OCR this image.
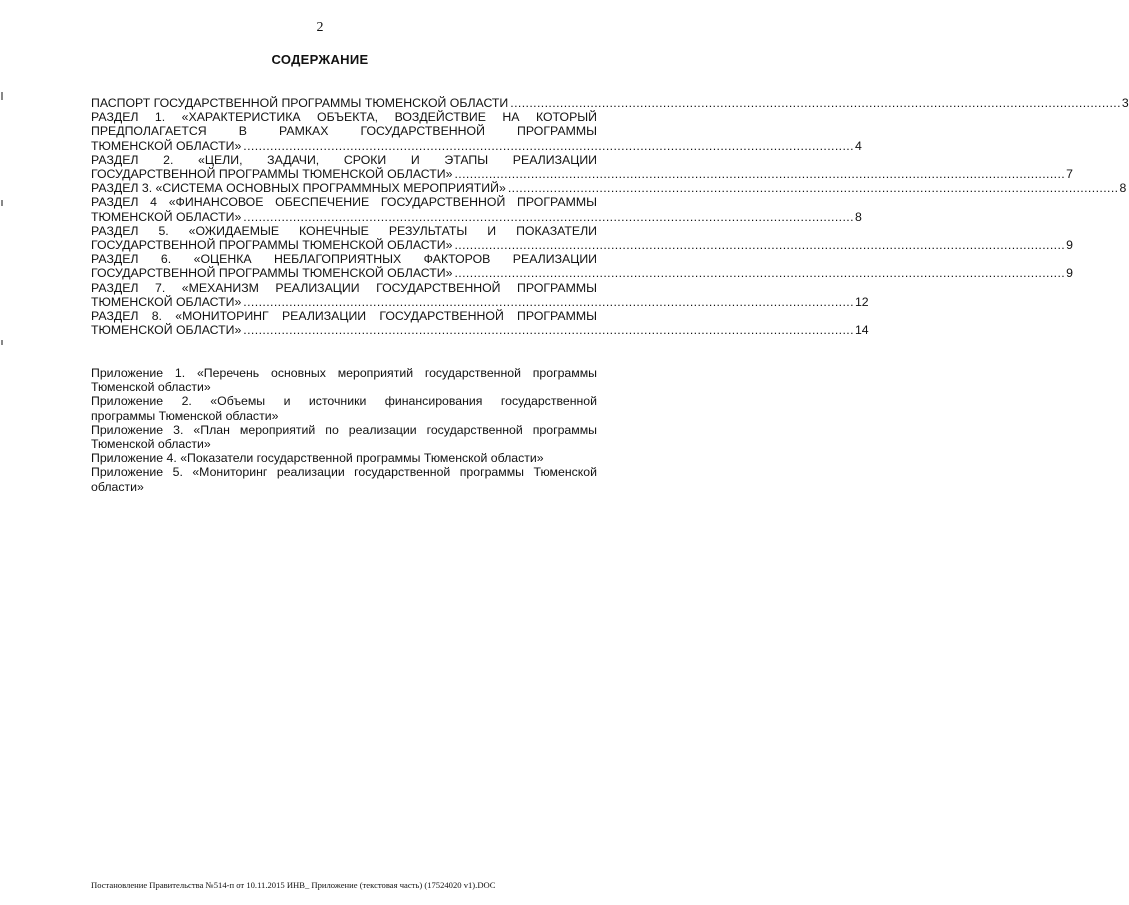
2
СОДЕРЖАНИЕ
ПАСПОРТ ГОСУДАРСТВЕННОЙ ПРОГРАММЫ ТЮМЕНСКОЙ ОБЛАСТИ ................................................................................................................................................................ 3
РАЗДЕЛ 1. «ХАРАКТЕРИСТИКА ОБЪЕКТА, ВОЗДЕЙСТВИЕ НА КОТОРЫЙ
ПРЕДПОЛАГАЕТСЯ В РАМКАХ ГОСУДАРСТВЕННОЙ ПРОГРАММЫ
ТЮМЕНСКОЙ ОБЛАСТИ» ................................................................................................................................................................ 4
РАЗДЕЛ 2. «ЦЕЛИ, ЗАДАЧИ, СРОКИ И ЭТАПЫ РЕАЛИЗАЦИИ
ГОСУДАРСТВЕННОЙ ПРОГРАММЫ ТЮМЕНСКОЙ ОБЛАСТИ» ................................................................................................................................................................ 7
РАЗДЕЛ 3. «СИСТЕМА ОСНОВНЫХ ПРОГРАММНЫХ МЕРОПРИЯТИЙ» ................................................................................................................................................................ 8
РАЗДЕЛ 4 «ФИНАНСОВОЕ ОБЕСПЕЧЕНИЕ ГОСУДАРСТВЕННОЙ ПРОГРАММЫ
ТЮМЕНСКОЙ ОБЛАСТИ» ................................................................................................................................................................ 8
РАЗДЕЛ 5. «ОЖИДАЕМЫЕ КОНЕЧНЫЕ РЕЗУЛЬТАТЫ И ПОКАЗАТЕЛИ
ГОСУДАРСТВЕННОЙ ПРОГРАММЫ ТЮМЕНСКОЙ ОБЛАСТИ» ................................................................................................................................................................ 9
РАЗДЕЛ 6. «ОЦЕНКА НЕБЛАГОПРИЯТНЫХ ФАКТОРОВ РЕАЛИЗАЦИИ
ГОСУДАРСТВЕННОЙ ПРОГРАММЫ ТЮМЕНСКОЙ ОБЛАСТИ» ................................................................................................................................................................ 9
РАЗДЕЛ 7. «МЕХАНИЗМ РЕАЛИЗАЦИИ ГОСУДАРСТВЕННОЙ ПРОГРАММЫ
ТЮМЕНСКОЙ ОБЛАСТИ» ................................................................................................................................................................ 12
РАЗДЕЛ 8. «МОНИТОРИНГ РЕАЛИЗАЦИИ ГОСУДАРСТВЕННОЙ ПРОГРАММЫ
ТЮМЕНСКОЙ ОБЛАСТИ» ................................................................................................................................................................ 14
Приложение 1. «Перечень основных мероприятий государственной программы
Тюменской области»
Приложение 2. «Объемы и источники финансирования государственной
программы Тюменской области»
Приложение 3. «План мероприятий по реализации государственной программы
Тюменской области»
Приложение 4. «Показатели государственной программы Тюменской области»
Приложение 5. «Мониторинг реализации государственной программы Тюменской
области»
Постановление Правительства №514-п от 10.11.2015 ИНВ_ Приложение (текстовая часть) (17524020 v1).DOC
